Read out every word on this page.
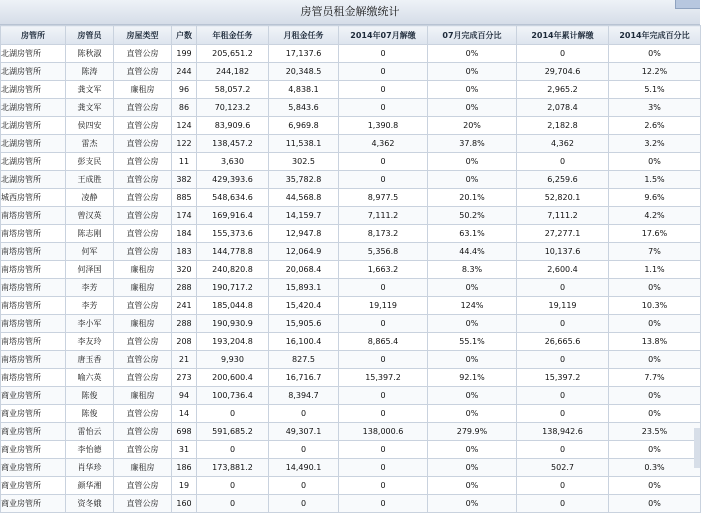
房管员租金解缴统计
房管所	房管员	房屋类型	户数	年租金任务	月租金任务	2014年07月解缴	07月完成百分比	2014年累计解缴	2014年完成百分比
北湖房管所	陈秋淑	直管公房	199	205,651.2	17,137.6	0	0%	0	0%
北湖房管所	陈涛	直管公房	244	244,182	20,348.5	0	0%	29,704.6	12.2%
北湖房管所	龚文军	廉租房	96	58,057.2	4,838.1	0	0%	2,965.2	5.1%
北湖房管所	龚文军	直管公房	86	70,123.2	5,843.6	0	0%	2,078.4	3%
北湖房管所	侯四安	直管公房	124	83,909.6	6,969.8	1,390.8	20%	2,182.8	2.6%
北湖房管所	雷杰	直管公房	122	138,457.2	11,538.1	4,362	37.8%	4,362	3.2%
北湖房管所	彭支民	直管公房	11	3,630	302.5	0	0%	0	0%
北湖房管所	王成胜	直管公房	382	429,393.6	35,782.8	0	0%	6,259.6	1.5%
城西房管所	凌静	直管公房	885	548,634.6	44,568.8	8,977.5	20.1%	52,820.1	9.6%
南塔房管所	曾汉英	直管公房	174	169,916.4	14,159.7	7,111.2	50.2%	7,111.2	4.2%
南塔房管所	陈志刚	直管公房	184	155,373.6	12,947.8	8,173.2	63.1%	27,277.1	17.6%
南塔房管所	何军	直管公房	183	144,778.8	12,064.9	5,356.8	44.4%	10,137.6	7%
南塔房管所	何泽国	廉租房	320	240,820.8	20,068.4	1,663.2	8.3%	2,600.4	1.1%
南塔房管所	李芳	廉租房	288	190,717.2	15,893.1	0	0%	0	0%
南塔房管所	李芳	直管公房	241	185,044.8	15,420.4	19,119	124%	19,119	10.3%
南塔房管所	李小军	廉租房	288	190,930.9	15,905.6	0	0%	0	0%
南塔房管所	李友玲	直管公房	208	193,204.8	16,100.4	8,865.4	55.1%	26,665.6	13.8%
南塔房管所	唐玉香	直管公房	21	9,930	827.5	0	0%	0	0%
南塔房管所	喻六英	直管公房	273	200,600.4	16,716.7	15,397.2	92.1%	15,397.2	7.7%
商业房管所	陈俊	廉租房	94	100,736.4	8,394.7	0	0%	0	0%
商业房管所	陈俊	直管公房	14	0	0	0	0%	0	0%
商业房管所	雷怡云	直管公房	698	591,685.2	49,307.1	138,000.6	279.9%	138,942.6	23.5%
商业房管所	李怡德	直管公房	31	0	0	0	0%	0	0%
商业房管所	肖华珍	廉租房	186	173,881.2	14,490.1	0	0%	502.7	0.3%
商业房管所	颜华湘	直管公房	19	0	0	0	0%	0	0%
商业房管所	资冬娥	直管公房	160	0	0	0	0%	0	0%
